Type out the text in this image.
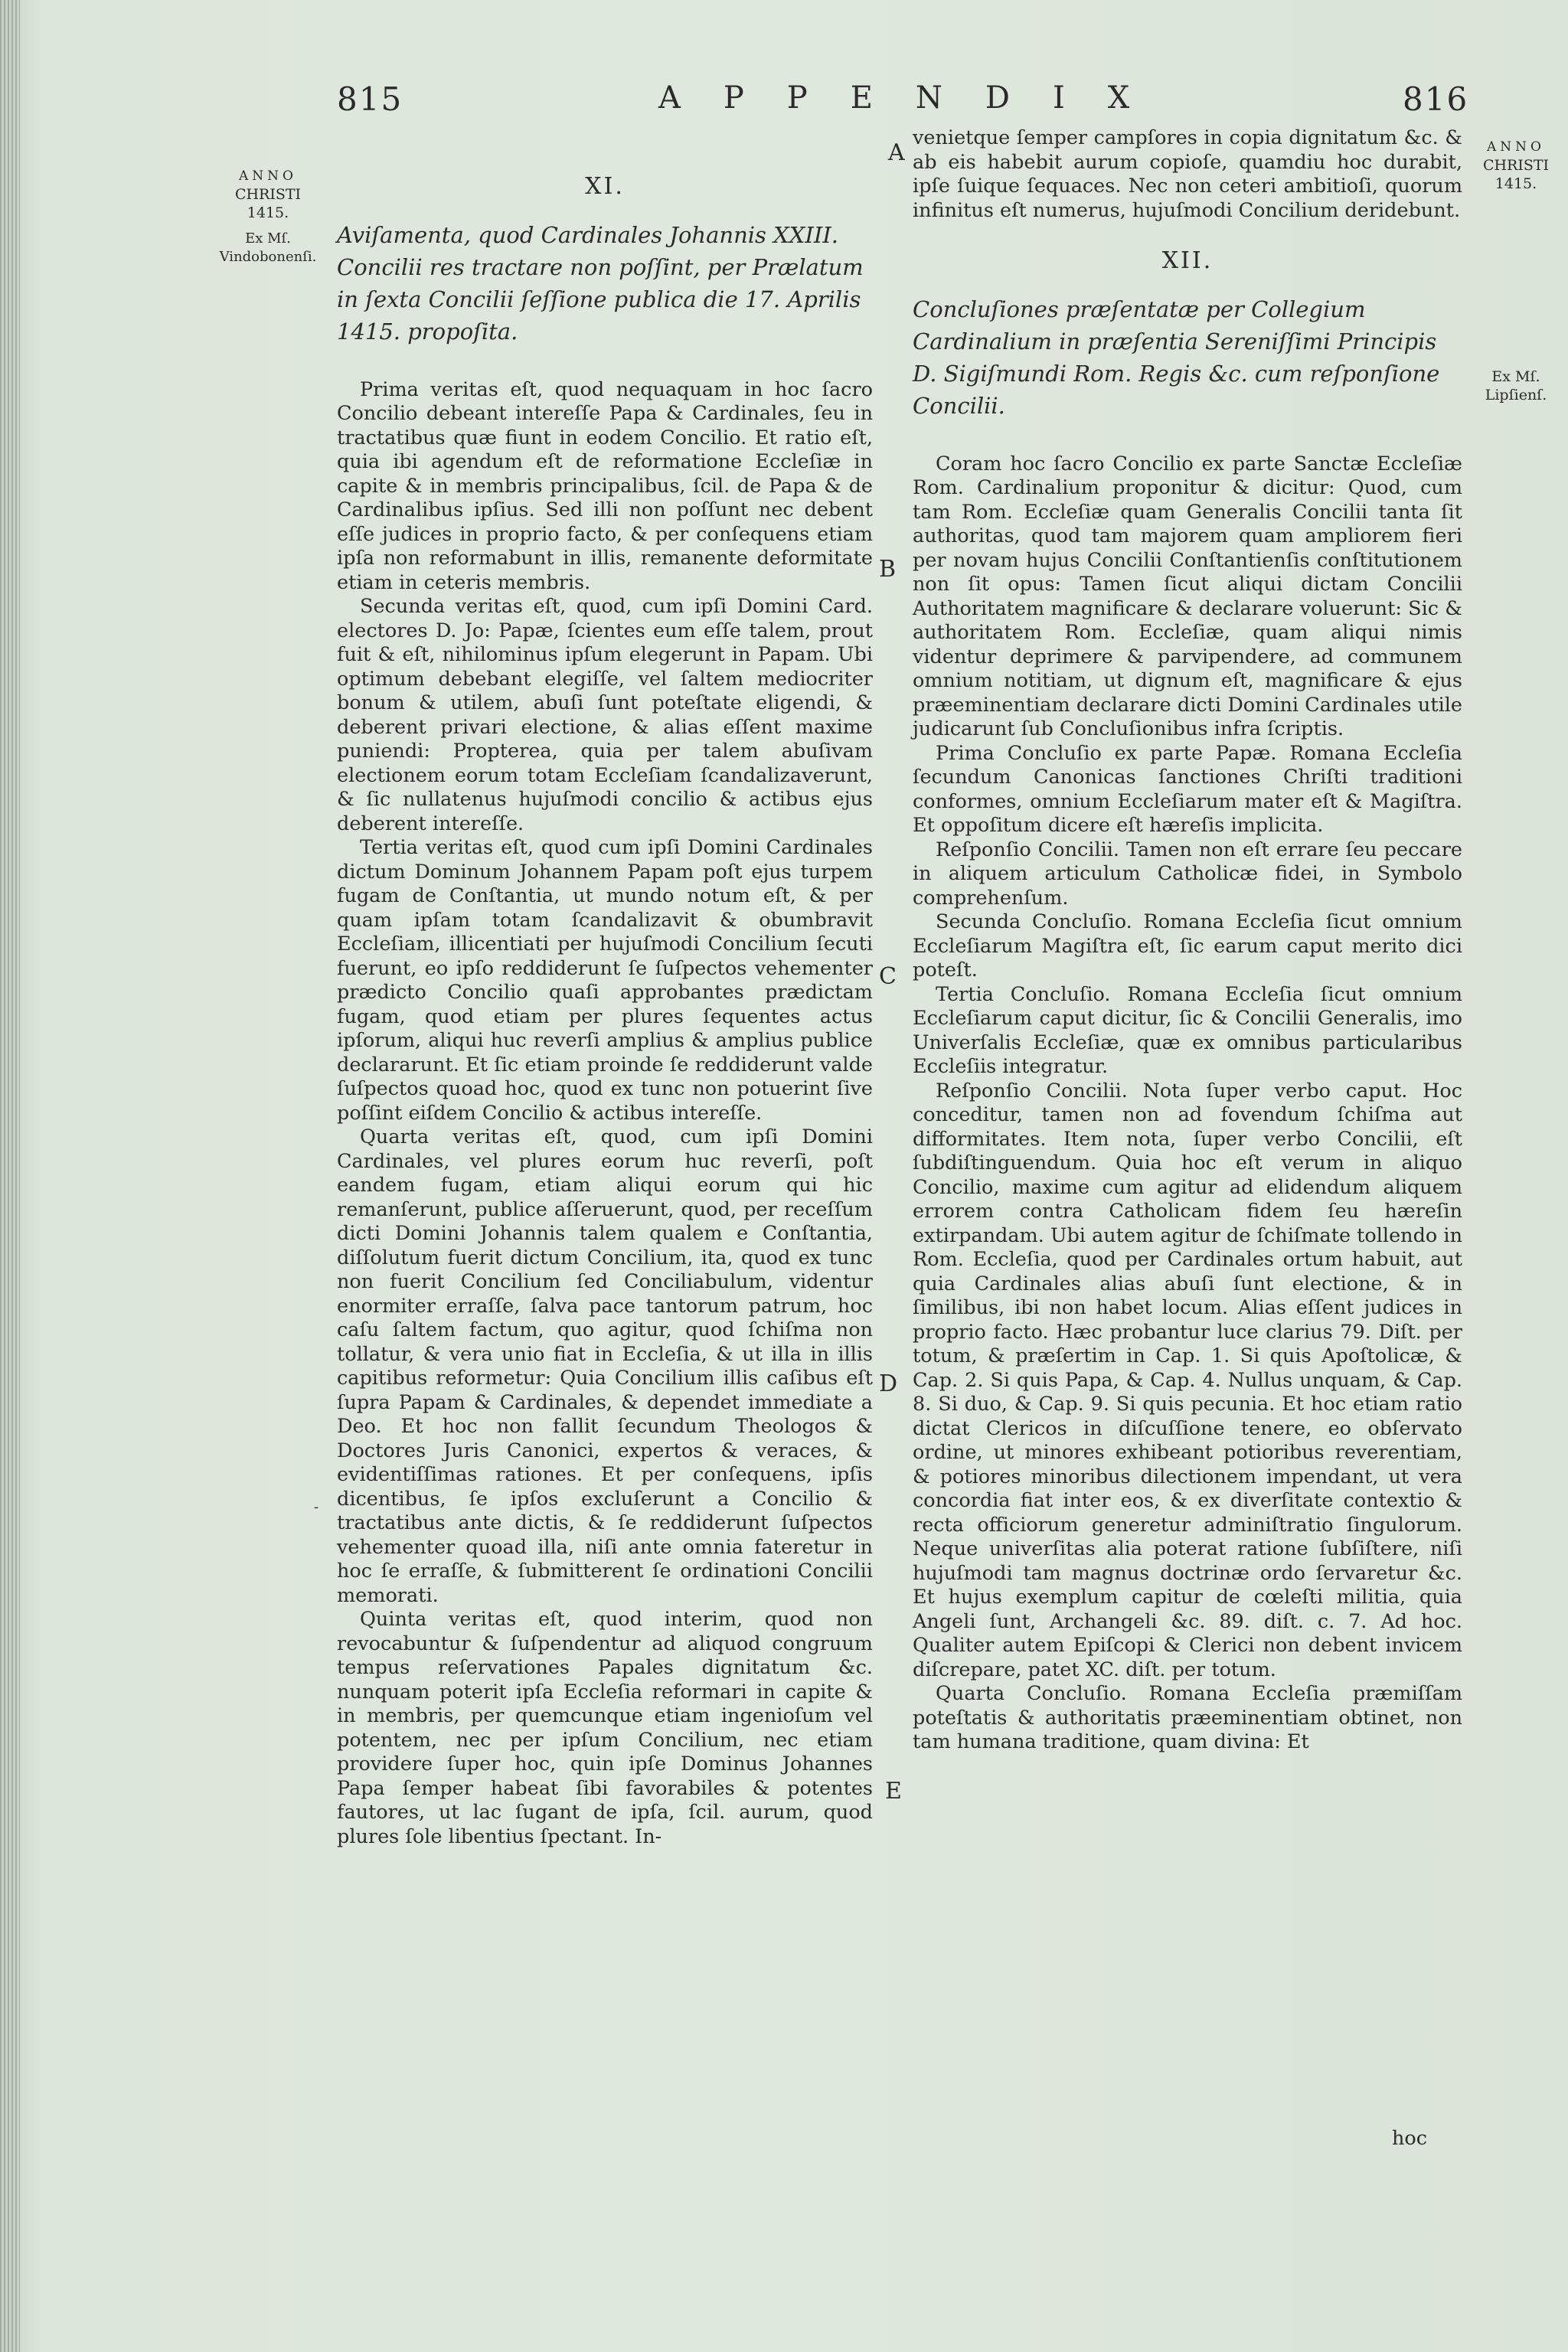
815	APPENDIX	816
ANNO
CHRISTI
1415.
Ex Mſ. Vindobonenſi.
ANNO
CHRISTI
1415.
Ex Mſ. Lipſienſ.
A
B
C
D
E
-
XI.
Aviſamenta, quod Cardinales Johannis XXIII. Concilii res tractare non poſſint, per Prælatum in ſexta Concilii ſeſſione publica die 17. Aprilis 1415. propoſita.

Prima veritas eſt, quod nequaquam in hoc ſacro Concilio debeant intereſſe Papa & Cardinales, ſeu in tractatibus quæ fiunt in eodem Concilio. Et ratio eſt, quia ibi agendum eſt de reformatione Eccleſiæ in capite & in membris principalibus, ſcil. de Papa & de Cardinalibus ipſius. Sed illi non poſſunt nec debent eſſe judices in proprio facto, & per conſequens etiam ipſa non reformabunt in illis, remanente deformitate etiam in ceteris membris.

Secunda veritas eſt, quod, cum ipſi Domini Card. electores D. Jo: Papæ, ſcientes eum eſſe talem, prout fuit & eſt, nihilominus ipſum elegerunt in Papam. Ubi optimum debebant elegiſſe, vel ſaltem mediocriter bonum & utilem, abuſi ſunt poteſtate eligendi, & deberent privari electione, & alias eſſent maxime puniendi: Propterea, quia per talem abuſivam electionem eorum totam Eccleſiam ſcandalizaverunt, & ſic nullatenus hujuſmodi concilio & actibus ejus deberent intereſſe.

Tertia veritas eſt, quod cum ipſi Domini Cardinales dictum Dominum Johannem Papam poſt ejus turpem fugam de Conſtantia, ut mundo notum eſt, & per quam ipſam totam ſcandalizavit & obumbravit Eccleſiam, illicentiati per hujuſmodi Concilium ſecuti fuerunt, eo ipſo reddiderunt ſe ſuſpectos vehementer prædicto Concilio quaſi approbantes prædictam fugam, quod etiam per plures ſequentes actus ipſorum, aliqui huc reverſi amplius & amplius publice declararunt. Et ſic etiam proinde ſe reddiderunt valde ſuſpectos quoad hoc, quod ex tunc non potuerint ſive poſſint eiſdem Concilio & actibus intereſſe.

Quarta veritas eſt, quod, cum ipſi Domini Cardinales, vel plures eorum huc reverſi, poſt eandem fugam, etiam aliqui eorum qui hic remanſerunt, publice aſſeruerunt, quod, per receſſum dicti Domini Johannis talem qualem e Conſtantia, diſſolutum fuerit dictum Concilium, ita, quod ex tunc non fuerit Concilium ſed Conciliabulum, videntur enormiter erraſſe, ſalva pace tantorum patrum, hoc caſu ſaltem factum, quo agitur, quod ſchiſma non tollatur, & vera unio fiat in Eccleſia, & ut illa in illis capitibus reformetur: Quia Concilium illis caſibus eſt ſupra Papam & Cardinales, & dependet immediate a Deo. Et hoc non fallit ſecundum Theologos & Doctores Juris Canonici, expertos & veraces, & evidentiſſimas rationes. Et per conſequens, ipſis dicentibus, ſe ipſos excluſerunt a Concilio & tractatibus ante dictis, & ſe reddiderunt ſuſpectos vehementer quoad illa, niſi ante omnia fateretur in hoc ſe erraſſe, & ſubmitterent ſe ordinationi Concilii memorati.

Quinta veritas eſt, quod interim, quod non revocabuntur & ſuſpendentur ad aliquod congruum tempus reſervationes Papales dignitatum &c. nunquam poterit ipſa Eccleſia reformari in capite & in membris, per quemcunque etiam ingenioſum vel potentem, nec per ipſum Concilium, nec etiam providere ſuper hoc, quin ipſe Dominus Johannes Papa ſemper habeat ſibi favorabiles & potentes fautores, ut lac ſugant de ipſa, ſcil. aurum, quod plures ſole libentius ſpectant. In-

venietque ſemper campſores in copia dignitatum &c. & ab eis habebit aurum copioſe, quamdiu hoc durabit, ipſe ſuique ſequaces. Nec non ceteri ambitioſi, quorum infinitus eſt numerus, hujuſmodi Concilium deridebunt.

XII.
Concluſiones præſentatæ per Collegium Cardinalium in præſentia Sereniſſimi Principis D. Sigiſmundi Rom. Regis &c. cum reſponſione Concilii.

Coram hoc ſacro Concilio ex parte Sanctæ Eccleſiæ Rom. Cardinalium proponitur & dicitur: Quod, cum tam Rom. Eccleſiæ quam Generalis Concilii tanta ſit authoritas, quod tam majorem quam ampliorem fieri per novam hujus Concilii Conſtantienſis conſtitutionem non ſit opus: Tamen ſicut aliqui dictam Concilii Authoritatem magnificare & declarare voluerunt: Sic & authoritatem Rom. Eccleſiæ, quam aliqui nimis videntur deprimere & parvipendere, ad communem omnium notitiam, ut dignum eſt, magnificare & ejus præeminentiam declarare dicti Domini Cardinales utile judicarunt ſub Concluſionibus infra ſcriptis.

Prima Concluſio ex parte Papæ. Romana Eccleſia ſecundum Canonicas ſanctiones Chriſti traditioni conformes, omnium Eccleſiarum mater eſt & Magiſtra. Et oppoſitum dicere eſt hæreſis implicita.

Reſponſio Concilii. Tamen non eſt errare ſeu peccare in aliquem articulum Catholicæ fidei, in Symbolo comprehenſum.

Secunda Concluſio. Romana Eccleſia ſicut omnium Eccleſiarum Magiſtra eſt, ſic earum caput merito dici poteſt.

Tertia Concluſio. Romana Eccleſia ſicut omnium Eccleſiarum caput dicitur, ſic & Concilii Generalis, imo Univerſalis Eccleſiæ, quæ ex omnibus particularibus Eccleſiis integratur.

Reſponſio Concilii. Nota ſuper verbo caput. Hoc conceditur, tamen non ad fovendum ſchiſma aut difformitates. Item nota, ſuper verbo Concilii, eſt ſubdiſtinguendum. Quia hoc eſt verum in aliquo Concilio, maxime cum agitur ad elidendum aliquem errorem contra Catholicam fidem ſeu hæreſin extirpandam. Ubi autem agitur de ſchiſmate tollendo in Rom. Eccleſia, quod per Cardinales ortum habuit, aut quia Cardinales alias abuſi ſunt electione, & in ſimilibus, ibi non habet locum. Alias eſſent judices in proprio facto. Hæc probantur luce clarius 79. Diſt. per totum, & præſertim in Cap. 1. Si quis Apoſtolicæ, & Cap. 2. Si quis Papa, & Cap. 4. Nullus unquam, & Cap. 8. Si duo, & Cap. 9. Si quis pecunia. Et hoc etiam ratio dictat Clericos in diſcuſſione tenere, eo obſervato ordine, ut minores exhibeant potioribus reverentiam, & potiores minoribus dilectionem impendant, ut vera concordia fiat inter eos, & ex diverſitate contextio & recta officiorum generetur adminiſtratio ſingulorum. Neque univerſitas alia poterat ratione ſubſiſtere, niſi hujuſmodi tam magnus doctrinæ ordo ſervaretur &c. Et hujus exemplum capitur de cœleſti militia, quia Angeli ſunt, Archangeli &c. 89. diſt. c. 7. Ad hoc. Qualiter autem Epiſcopi & Clerici non debent invicem diſcrepare, patet XC. diſt. per totum.

Quarta Concluſio. Romana Eccleſia præmiſſam poteſtatis & authoritatis præeminentiam obtinet, non tam humana traditione, quam divina: Et

hoc
